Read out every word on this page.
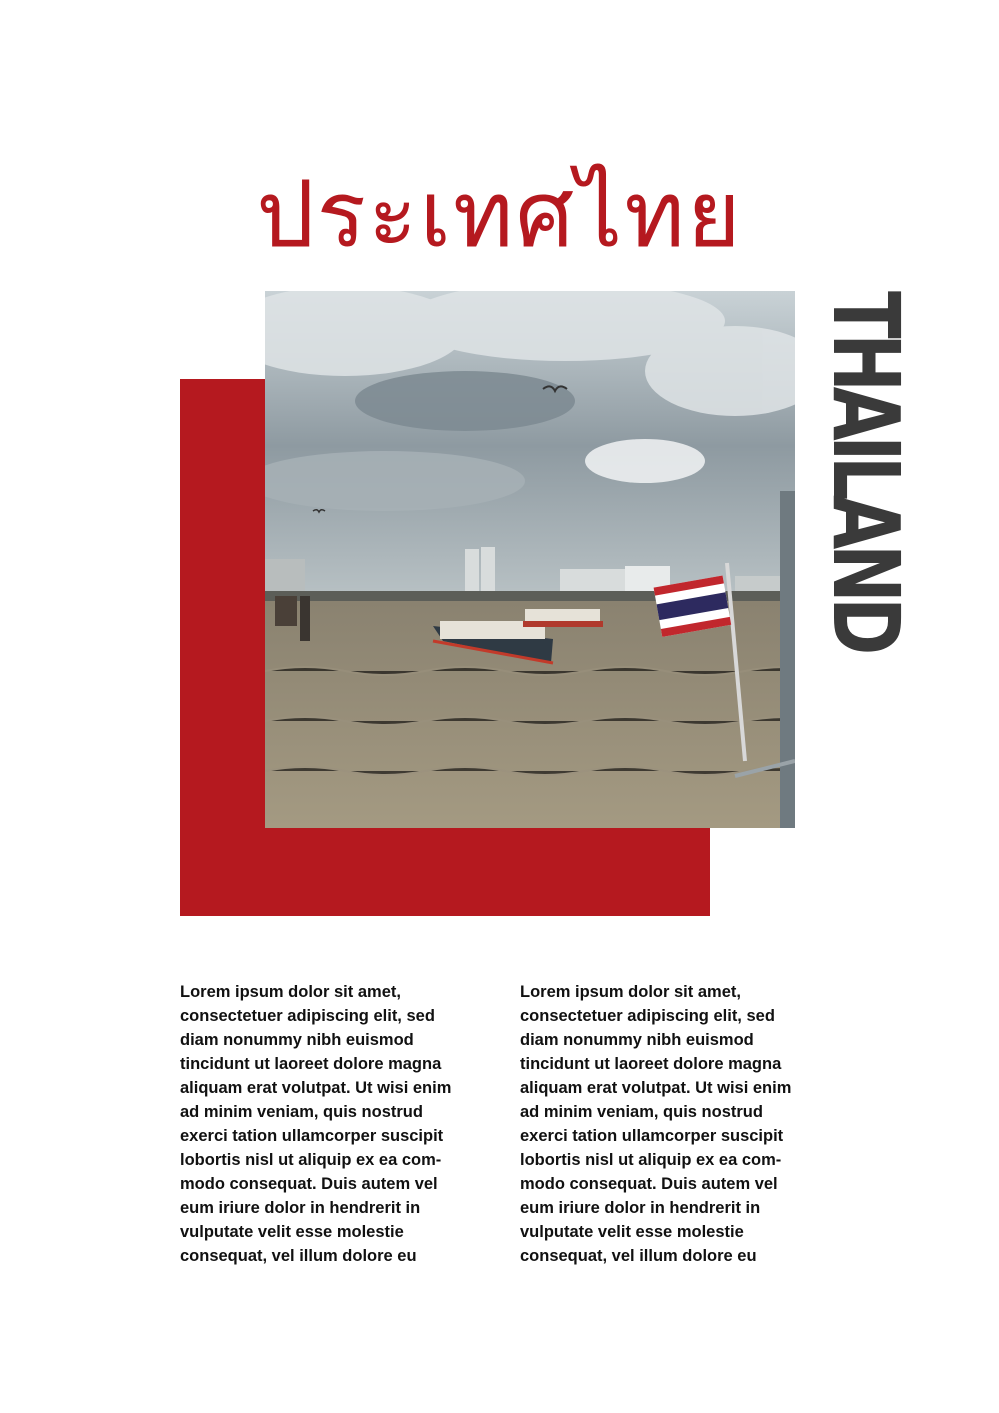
ประเทศไทย
THAILAND
Lorem ipsum dolor sit amet,
consectetuer adipiscing elit, sed
diam nonummy nibh euismod
tincidunt ut laoreet dolore magna
aliquam erat volutpat. Ut wisi enim
ad minim veniam, quis nostrud
exerci tation ullamcorper suscipit
lobortis nisl ut aliquip ex ea com-
modo consequat. Duis autem vel
eum iriure dolor in hendrerit in
vulputate velit esse molestie
consequat, vel illum dolore eu
Lorem ipsum dolor sit amet,
consectetuer adipiscing elit, sed
diam nonummy nibh euismod
tincidunt ut laoreet dolore magna
aliquam erat volutpat. Ut wisi enim
ad minim veniam, quis nostrud
exerci tation ullamcorper suscipit
lobortis nisl ut aliquip ex ea com-
modo consequat. Duis autem vel
eum iriure dolor in hendrerit in
vulputate velit esse molestie
consequat, vel illum dolore eu
